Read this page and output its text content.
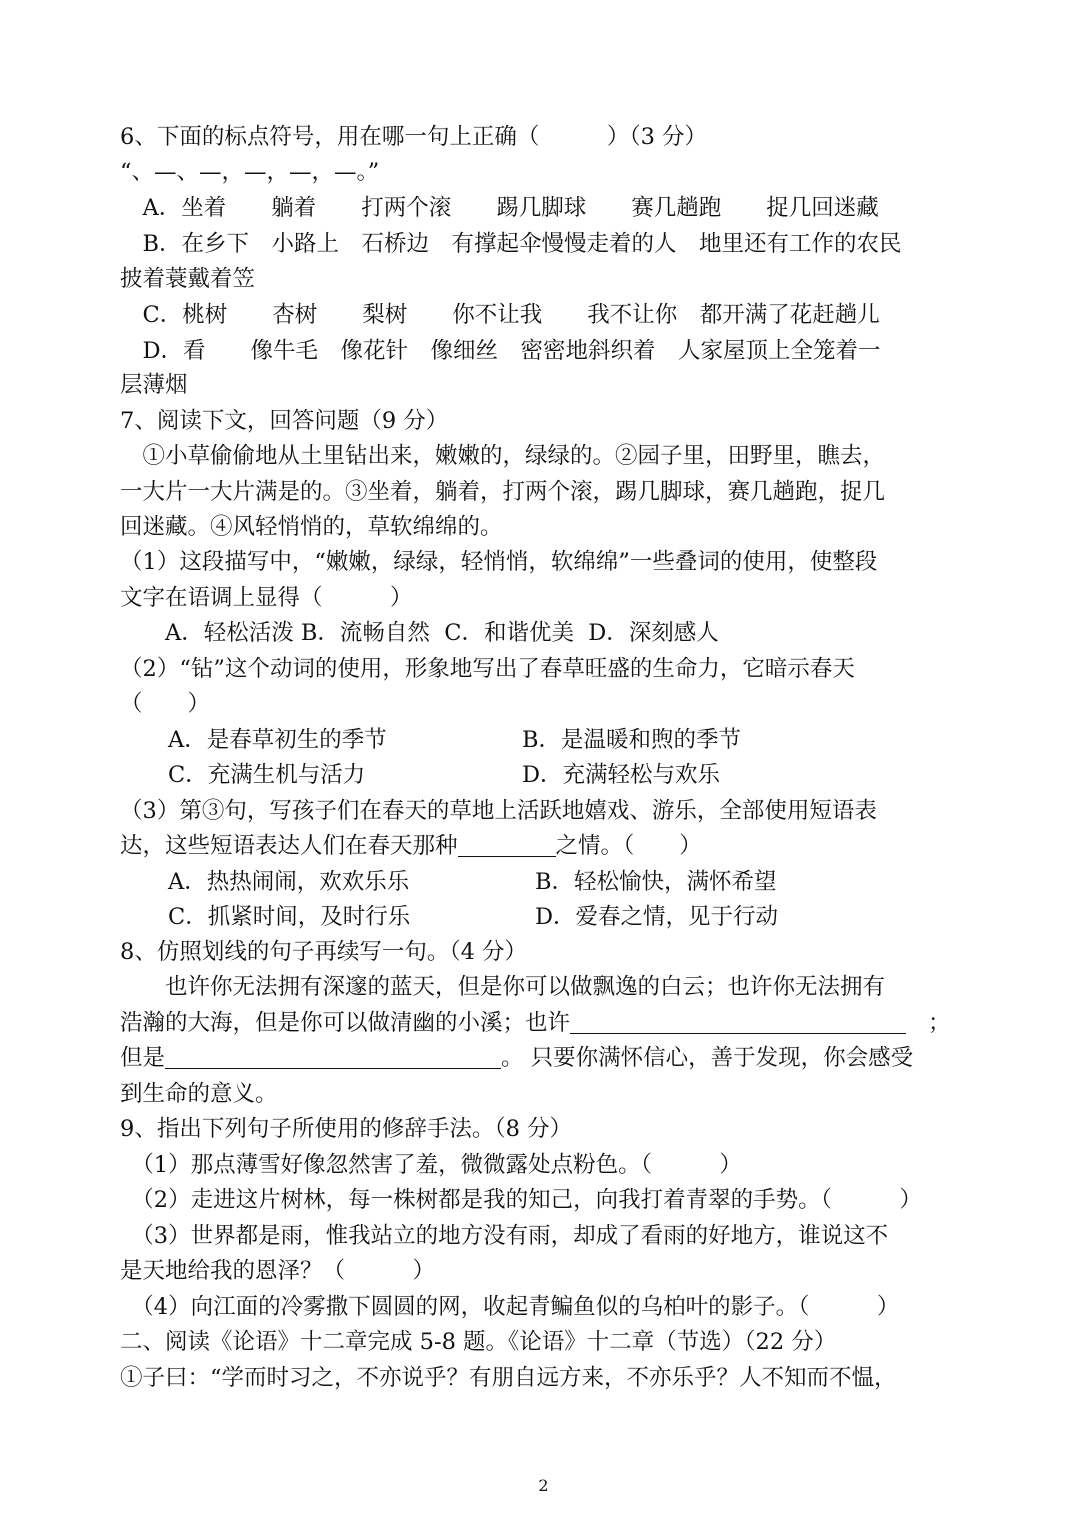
6、下面的标点符号，用在哪一句上正确（　　　）（3 分）
“、—、—，—，—，—。”
　A．坐着　　躺着　　打两个滚　　踢几脚球　　赛几趟跑　　捉几回迷藏
　B．在乡下　小路上　石桥边　有撑起伞慢慢走着的人　地里还有工作的农民
披着蓑戴着笠
　C．桃树　　杏树　　梨树　　你不让我　　我不让你　都开满了花赶趟儿
　D．看　　像牛毛　像花针　像细丝　密密地斜织着　人家屋顶上全笼着一
层薄烟
7、阅读下文，回答问题（9 分）
　①小草偷偷地从土里钻出来，嫩嫩的，绿绿的。②园子里，田野里，瞧去，
一大片一大片满是的。③坐着，躺着，打两个滚，踢几脚球，赛几趟跑，捉几
回迷藏。④风轻悄悄的，草软绵绵的。
（1）这段描写中，“嫩嫩，绿绿，轻悄悄，软绵绵”一些叠词的使用，使整段
文字在语调上显得（　　　）
　　A．轻松活泼 B．流畅自然  C．和谐优美  D．深刻感人
（2）“钻”这个动词的使用，形象地写出了春草旺盛的生命力，它暗示春天
（　　）
A．是春草初生的季节	B．是温暖和煦的季节
C．充满生机与活力	D．充满轻松与欢乐
（3）第③句，写孩子们在春天的草地上活跃地嬉戏、游乐，全部使用短语表
达，这些短语表达人们在春天那种	之情。（　　）
A．热热闹闹，欢欢乐乐	B．轻松愉快，满怀希望
C．抓紧时间，及时行乐	D．爱春之情，见于行动
8、仿照划线的句子再续写一句。（4 分）
　　也许你无法拥有深邃的蓝天，但是你可以做飘逸的白云；也许你无法拥有
浩瀚的大海，但是你可以做清幽的小溪；也许	；
但是	。 只要你满怀信心，善于发现，你会感受
到生命的意义。
9、指出下列句子所使用的修辞手法。（8 分）
　（1）那点薄雪好像忽然害了羞，微微露处点粉色。（　　　）
　（2）走进这片树林，每一株树都是我的知己，向我打着青翠的手势。（　　　）
　（3）世界都是雨，惟我站立的地方没有雨，却成了看雨的好地方，谁说这不
是天地给我的恩泽？（　　　）
　（4）向江面的冷雾撒下圆圆的网，收起青鳊鱼似的乌柏叶的影子。（　　　）
二、阅读《论语》十二章完成 5-8 题。《论语》十二章（节选）（22 分）
①子曰：“学而时习之，不亦说乎？有朋自远方来，不亦乐乎？人不知而不愠，
2
